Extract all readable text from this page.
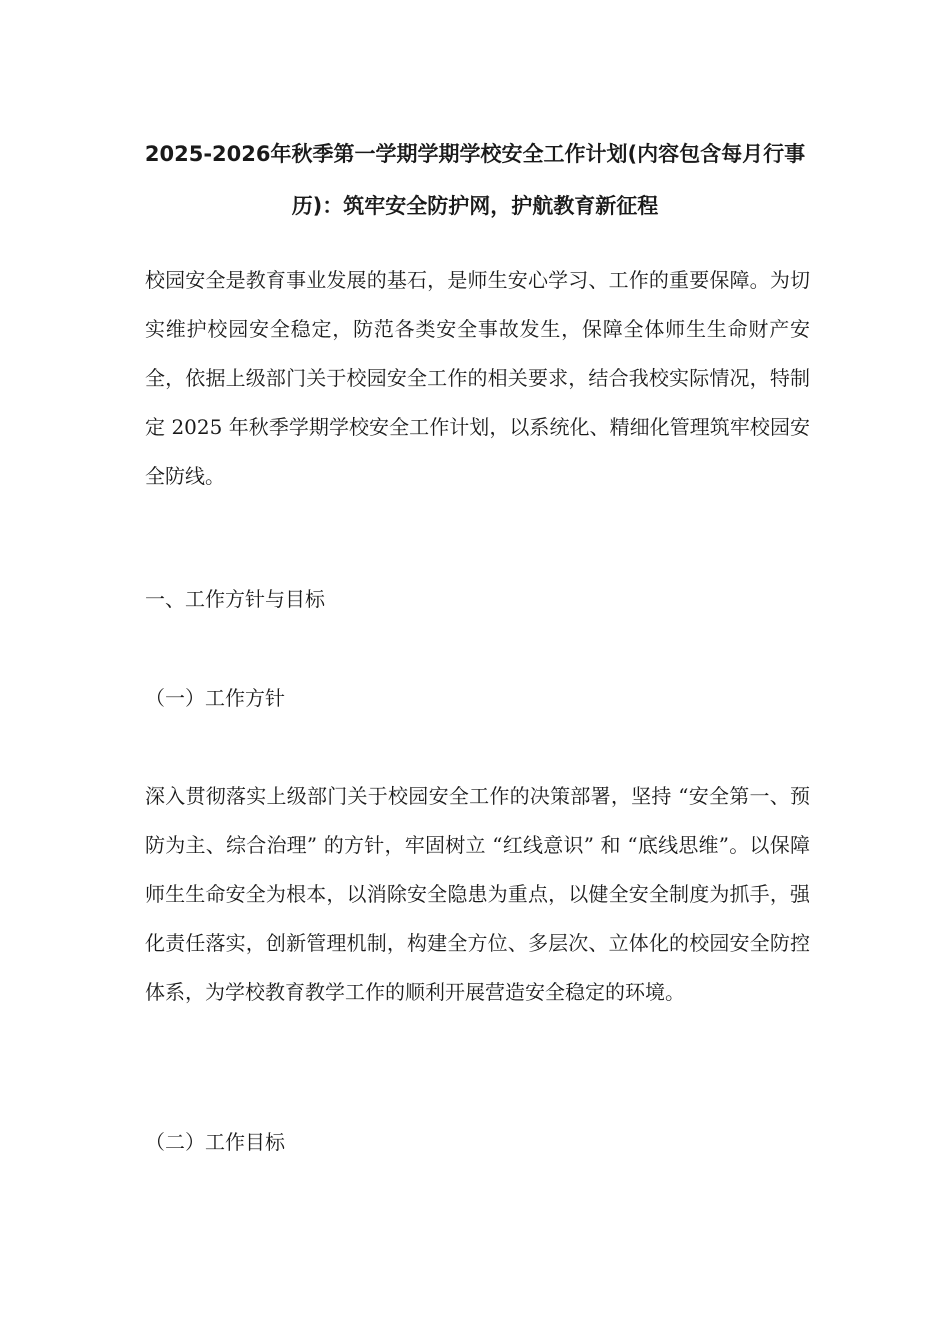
2025-2026年秋季第一学期学期学校安全工作计划(内容包含每月行事历)：筑牢安全防护网，护航教育新征程

校园安全是教育事业发展的基石，是师生安心学习、工作的重要保障。为切实维护校园安全稳定，防范各类安全事故发生，保障全体师生生命财产安全，依据上级部门关于校园安全工作的相关要求，结合我校实际情况，特制定 2025 年秋季学期学校安全工作计划，以系统化、精细化管理筑牢校园安全防线。

一、工作方针与目标

（一）工作方针

深入贯彻落实上级部门关于校园安全工作的决策部署，坚持 “安全第一、预防为主、综合治理” 的方针，牢固树立 “红线意识” 和 “底线思维”。以保障师生生命安全为根本，以消除安全隐患为重点，以健全安全制度为抓手，强化责任落实，创新管理机制，构建全方位、多层次、立体化的校园安全防控体系，为学校教育教学工作的顺利开展营造安全稳定的环境。

（二）工作目标
